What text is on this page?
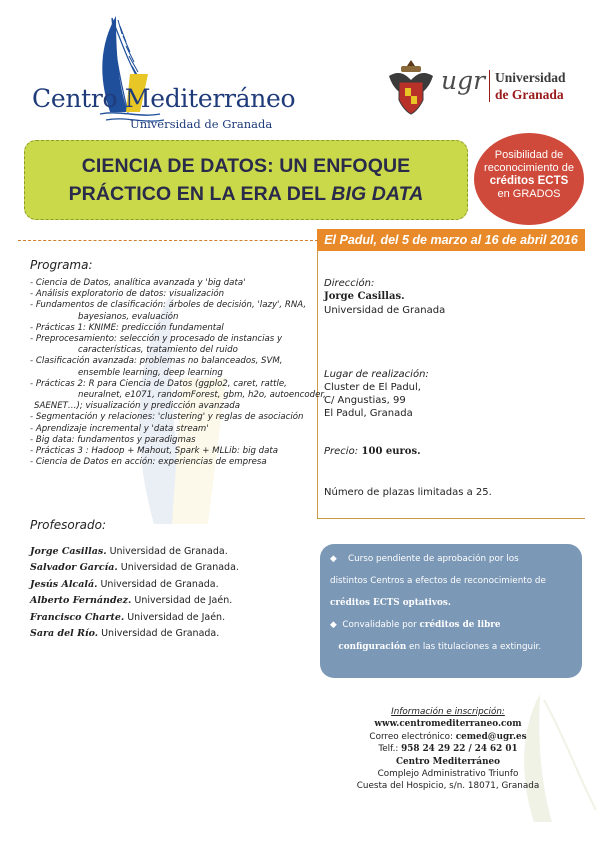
Centro Mediterráneo
Universidad de Granada
ugr Universidad
de Granada
CIENCIA DE DATOS: UN ENFOQUE
PRÁCTICO EN LA ERA DEL BIG DATA
Posibilidad de
reconocimiento de
créditos ECTS
en GRADOS
El Padul, del 5 de marzo al 16 de abril 2016
Programa:
- Ciencia de Datos, analítica avanzada y 'big data'
- Análisis exploratorio de datos: visualización
- Fundamentos de clasificación: árboles de decisión, 'lazy', RNA,
bayesianos, evaluación
- Prácticas 1: KNIME: predicción fundamental
- Preprocesamiento: selección y procesado de instancias y
características, tratamiento del ruido
- Clasificación avanzada: problemas no balanceados, SVM,
ensemble learning, deep learning
- Prácticas 2: R para Ciencia de Datos (ggplo2, caret, rattle,
neuralnet, e1071, randomForest, gbm, h2o, autoencoder,
SAENET…); visualización y predicción avanzada
- Segmentación y relaciones: 'clustering' y reglas de asociación
- Aprendizaje incremental y 'data stream'
- Big data: fundamentos y paradigmas
- Prácticas 3 : Hadoop + Mahout, Spark + MLLib: big data
- Ciencia de Datos en acción: experiencias de empresa
Profesorado:
Jorge Casillas. Universidad de Granada.
Salvador García. Universidad de Granada.
Jesús Alcalá. Universidad de Granada.
Alberto Fernández. Universidad de Jaén.
Francisco Charte. Universidad de Jaén.
Sara del Río. Universidad de Granada.
Dirección:
Jorge Casillas.
Universidad de Granada
Lugar de realización:
Cluster de El Padul,
C/ Angustias, 99
El Padul, Granada
Precio: 100 euros.
Número de plazas limitadas a 25.

◆    Curso pendiente de aprobación por los

distintos Centros a efectos de reconocimiento de

créditos ECTS optativos.

◆  Convalidable por créditos de libre

configuración en las titulaciones a extinguir.

Información e inscripción:
www.centromediterraneo.com
Correo electrónico: cemed@ugr.es
Telf.: 958 24 29 22 / 24 62 01
Centro Mediterráneo
Complejo Administrativo Triunfo
Cuesta del Hospicio, s/n. 18071, Granada
